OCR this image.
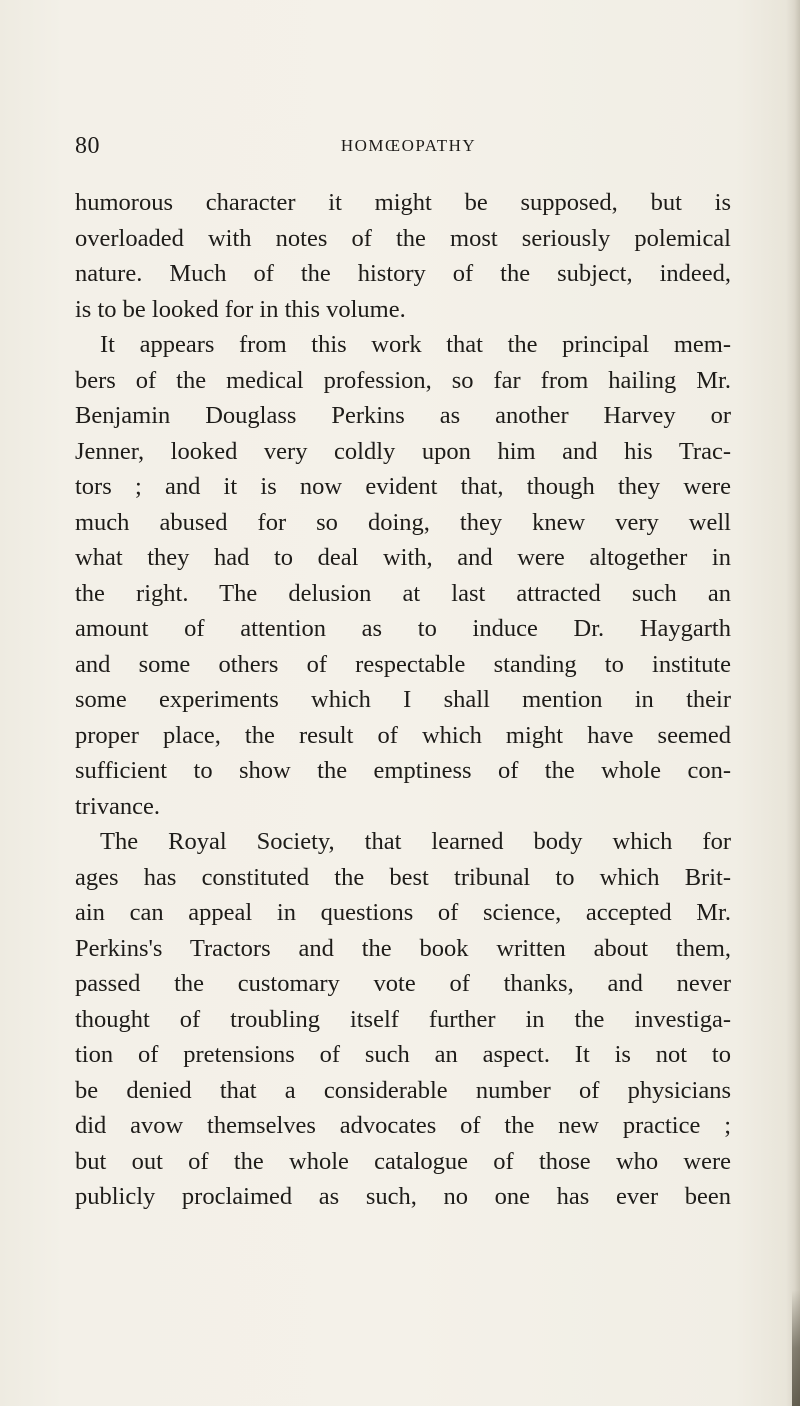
80	HOMŒOPATHY
humorous character it might be supposed, but is
overloaded with notes of the most seriously polemical
nature. Much of the history of the subject, indeed,
is to be looked for in this volume.
It appears from this work that the principal mem-
bers of the medical profession, so far from hailing Mr.
Benjamin Douglass Perkins as another Harvey or
Jenner, looked very coldly upon him and his Trac-
tors ; and it is now evident that, though they were
much abused for so doing, they knew very well
what they had to deal with, and were altogether in
the right. The delusion at last attracted such an
amount of attention as to induce Dr. Haygarth
and some others of respectable standing to institute
some experiments which I shall mention in their
proper place, the result of which might have seemed
sufficient to show the emptiness of the whole con-
trivance.
The Royal Society, that learned body which for
ages has constituted the best tribunal to which Brit-
ain can appeal in questions of science, accepted Mr.
Perkins's Tractors and the book written about them,
passed the customary vote of thanks, and never
thought of troubling itself further in the investiga-
tion of pretensions of such an aspect. It is not to
be denied that a considerable number of physicians
did avow themselves advocates of the new practice ;
but out of the whole catalogue of those who were
publicly proclaimed as such, no one has ever been
